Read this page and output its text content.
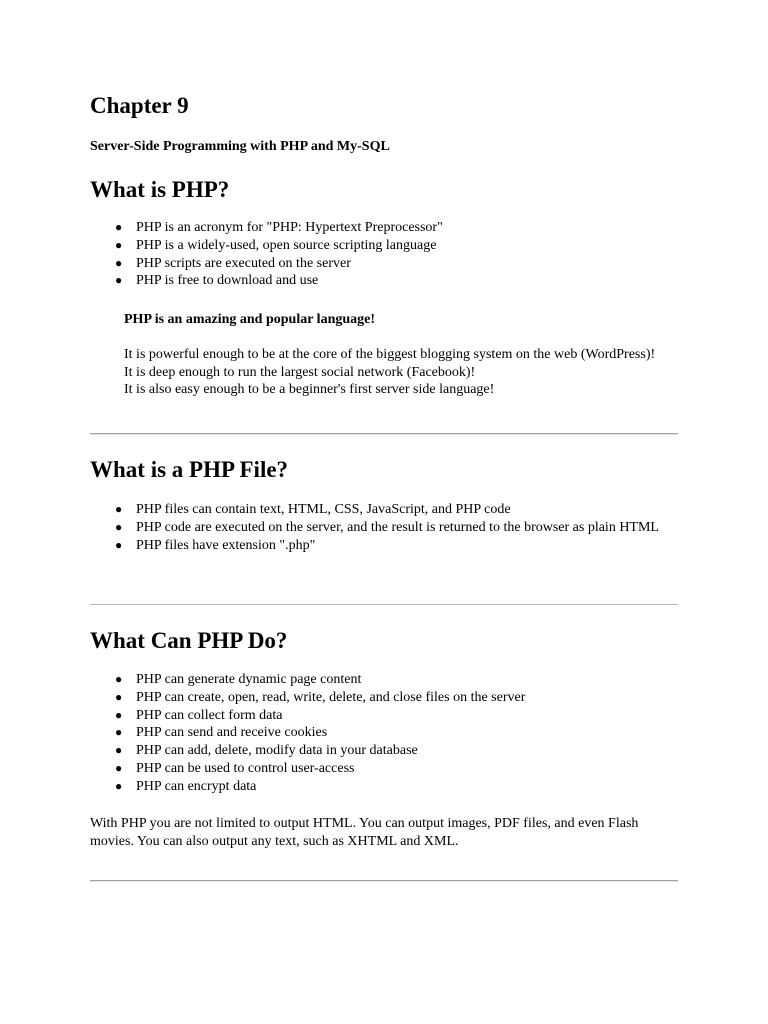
Chapter 9
Server-Side Programming with PHP and My-SQL
What is PHP?
● PHP is an acronym for "PHP: Hypertext Preprocessor"
● PHP is a widely-used, open source scripting language
● PHP scripts are executed on the server
● PHP is free to download and use
PHP is an amazing and popular language!

It is powerful enough to be at the core of the biggest blogging system on the web (WordPress)!

It is deep enough to run the largest social network (Facebook)!

It is also easy enough to be a beginner's first server side language!

What is a PHP File?
● PHP files can contain text, HTML, CSS, JavaScript, and PHP code
● PHP code are executed on the server, and the result is returned to the browser as plain HTML
● PHP files have extension ".php"
What Can PHP Do?
● PHP can generate dynamic page content
● PHP can create, open, read, write, delete, and close files on the server
● PHP can collect form data
● PHP can send and receive cookies
● PHP can add, delete, modify data in your database
● PHP can be used to control user-access
● PHP can encrypt data

With PHP you are not limited to output HTML. You can output images, PDF files, and even Flash movies. You can also output any text, such as XHTML and XML.
